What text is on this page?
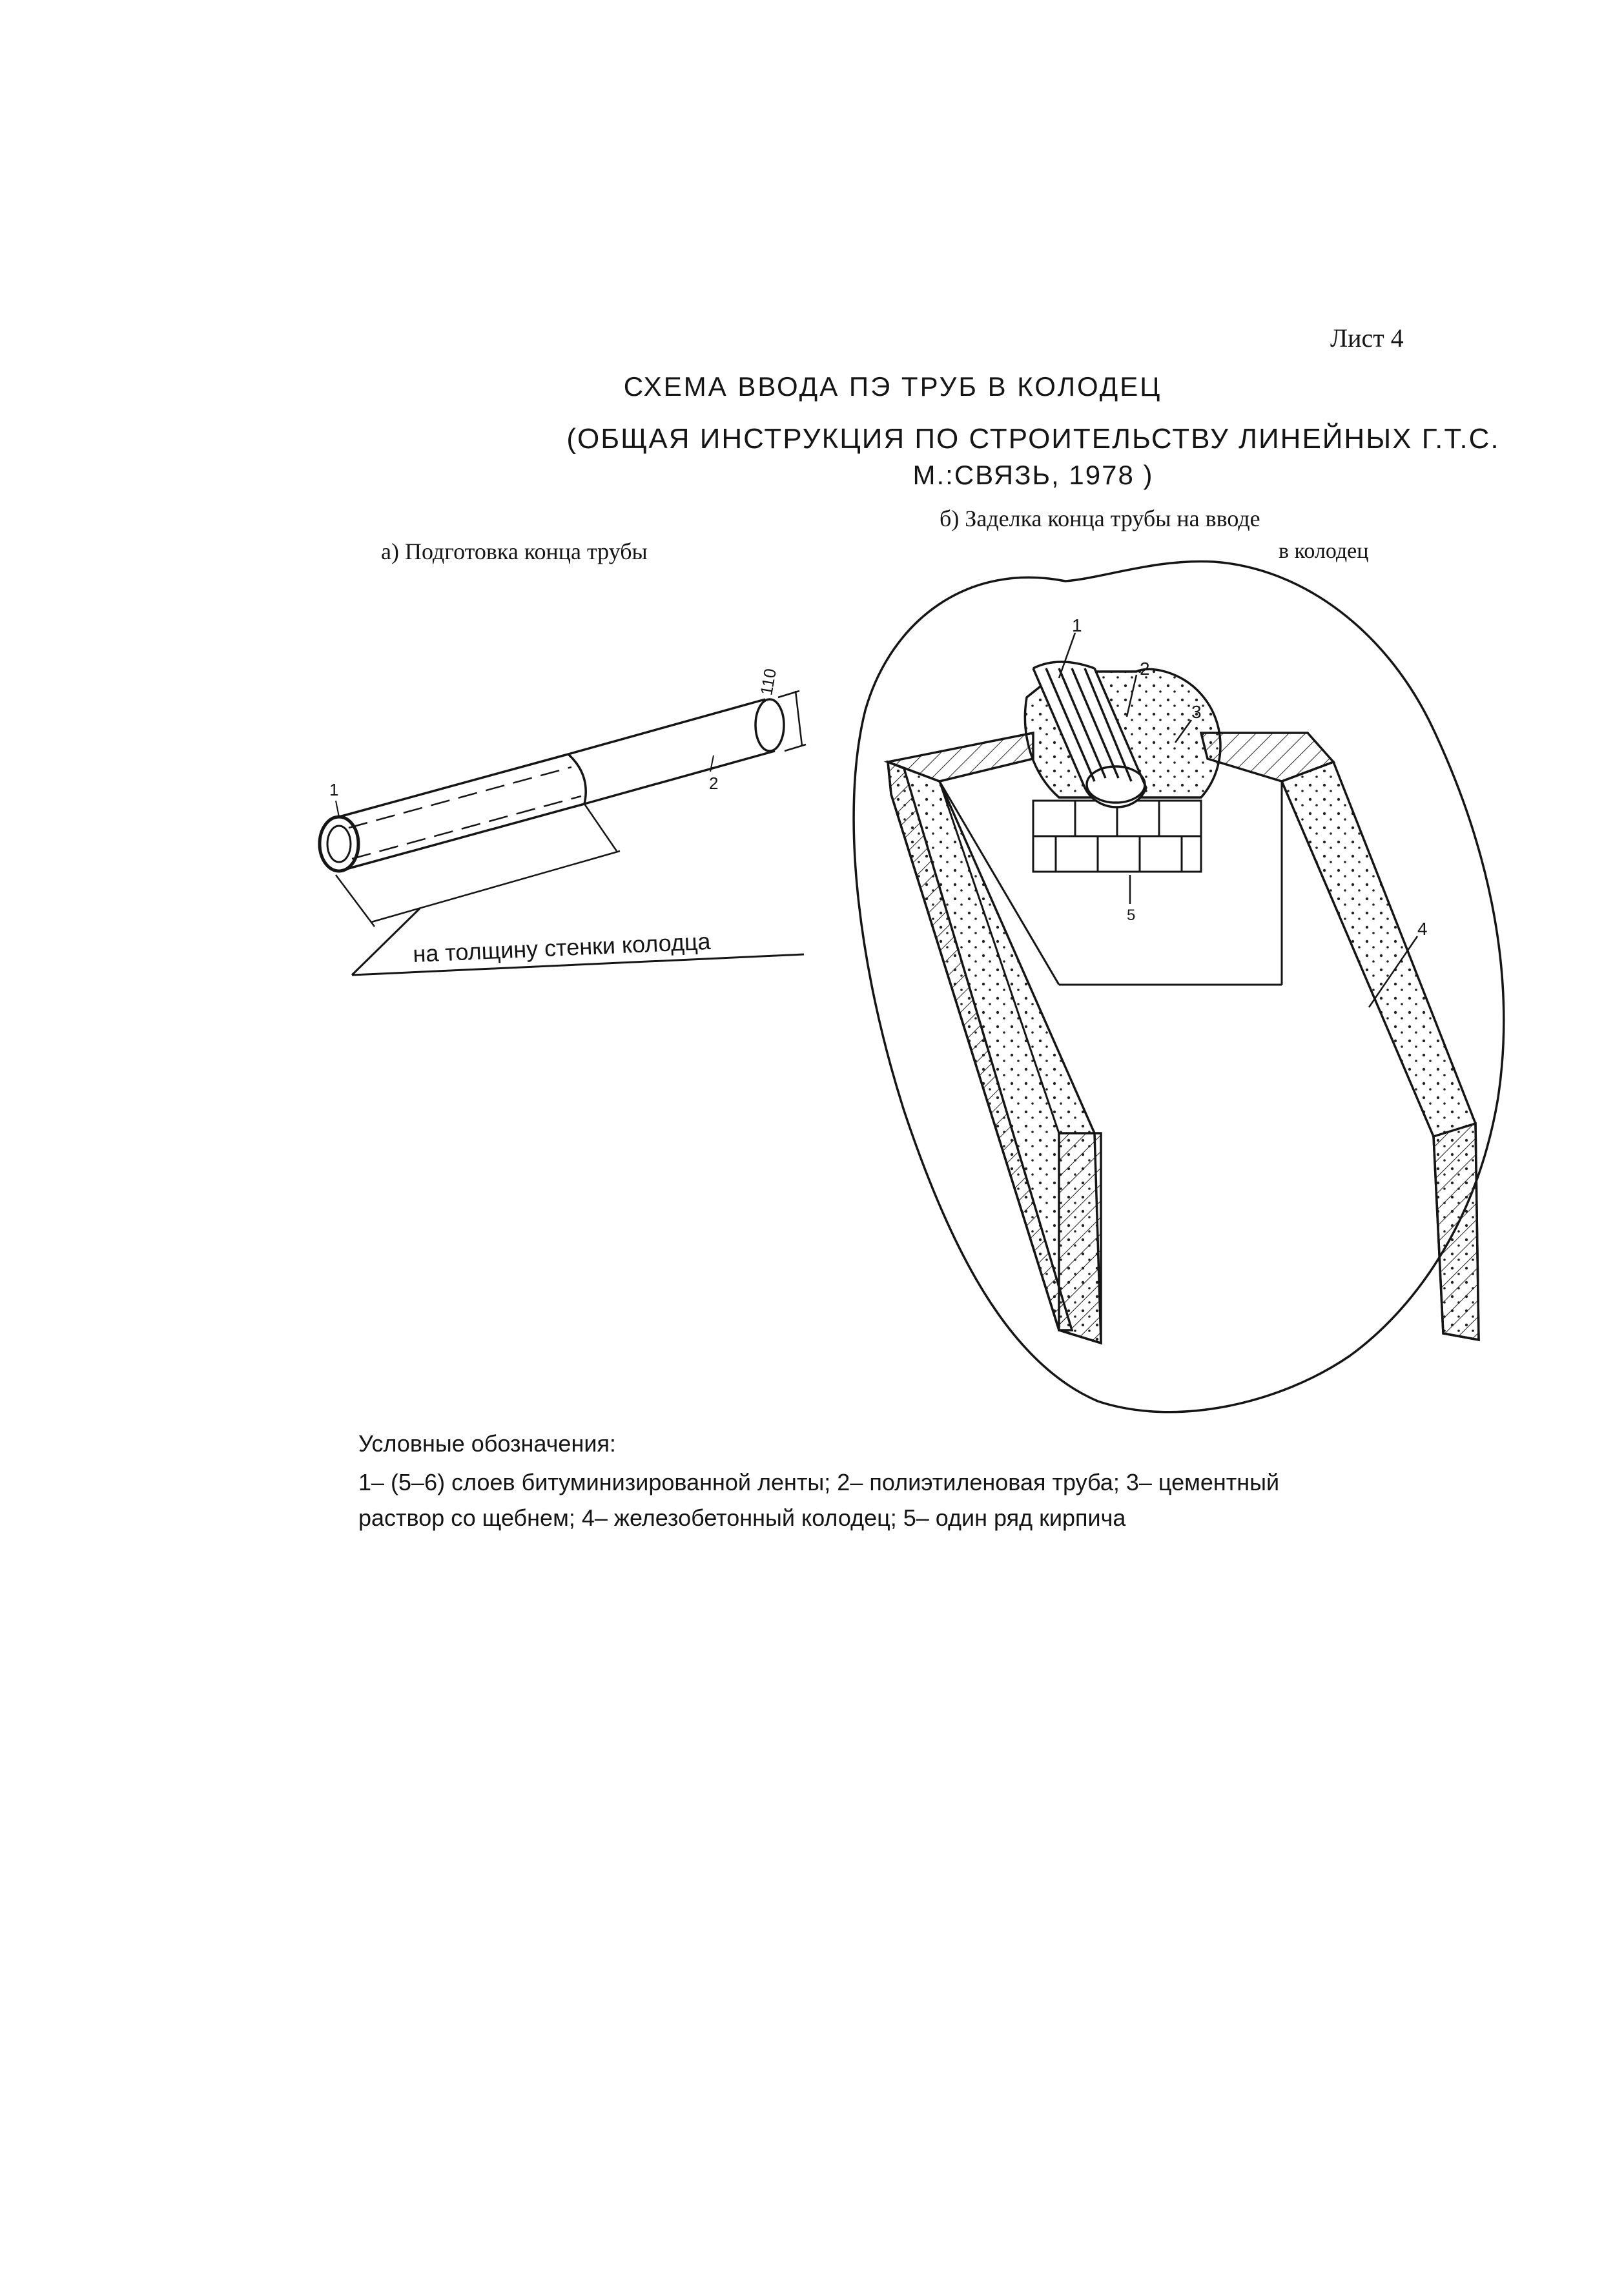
Лист 4
СХЕМА ВВОДА ПЭ ТРУБ В КОЛОДЕЦ
(ОБЩАЯ ИНСТРУКЦИЯ ПО СТРОИТЕЛЬСТВУ ЛИНЕЙНЫХ Г.Т.С.
М.:СВЯЗЬ, 1978 )
а) Подготовка конца трубы
б) Заделка конца трубы на вводе
в колодец
1	2
110
на толщину стенки колодца
1
2
3
4
5
Условные обозначения:
1– (5–6) слоев битуминизированной ленты; 2– полиэтиленовая труба; 3– цементный
раствор со щебнем; 4– железобетонный колодец; 5– один ряд кирпича
